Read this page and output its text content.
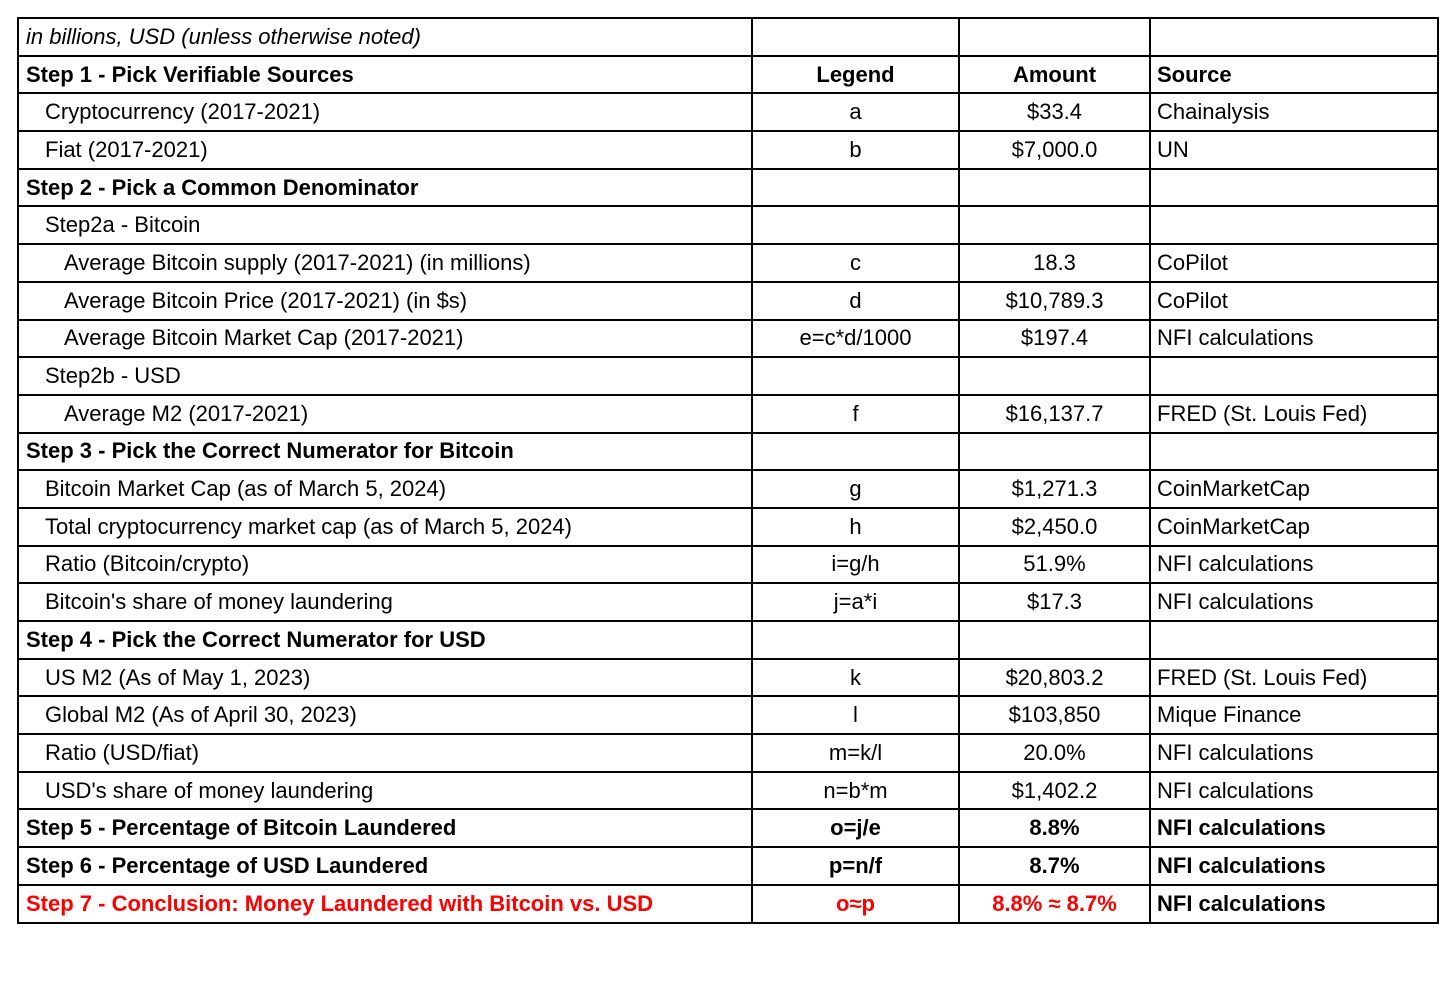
in billions, USD (unless otherwise noted)			
Step 1 - Pick Verifiable Sources	Legend	Amount	Source
Cryptocurrency (2017-2021)	a	$33.4	Chainalysis
Fiat (2017-2021)	b	$7,000.0	UN
Step 2 - Pick a Common Denominator			
Step2a - Bitcoin			
Average Bitcoin supply (2017-2021) (in millions)	c	18.3	CoPilot
Average Bitcoin Price (2017-2021) (in $s)	d	$10,789.3	CoPilot
Average Bitcoin Market Cap (2017-2021)	e=c*d/1000	$197.4	NFI calculations
Step2b - USD			
Average M2 (2017-2021)	f	$16,137.7	FRED (St. Louis Fed)
Step 3 - Pick the Correct Numerator for Bitcoin			
Bitcoin Market Cap (as of March 5, 2024)	g	$1,271.3	CoinMarketCap
Total cryptocurrency market cap (as of March 5, 2024)	h	$2,450.0	CoinMarketCap
Ratio (Bitcoin/crypto)	i=g/h	51.9%	NFI calculations
Bitcoin's share of money laundering	j=a*i	$17.3	NFI calculations
Step 4 - Pick the Correct Numerator for USD			
US M2 (As of May 1, 2023)	k	$20,803.2	FRED (St. Louis Fed)
Global M2 (As of April 30, 2023)	l	$103,850	Mique Finance
Ratio (USD/fiat)	m=k/l	20.0%	NFI calculations
USD's share of money laundering	n=b*m	$1,402.2	NFI calculations
Step 5 - Percentage of Bitcoin Laundered	o=j/e	8.8%	NFI calculations
Step 6 - Percentage of USD Laundered	p=n/f	8.7%	NFI calculations
Step 7 - Conclusion: Money Laundered with Bitcoin vs. USD	o≈p	8.8% ≈ 8.7%	NFI calculations
